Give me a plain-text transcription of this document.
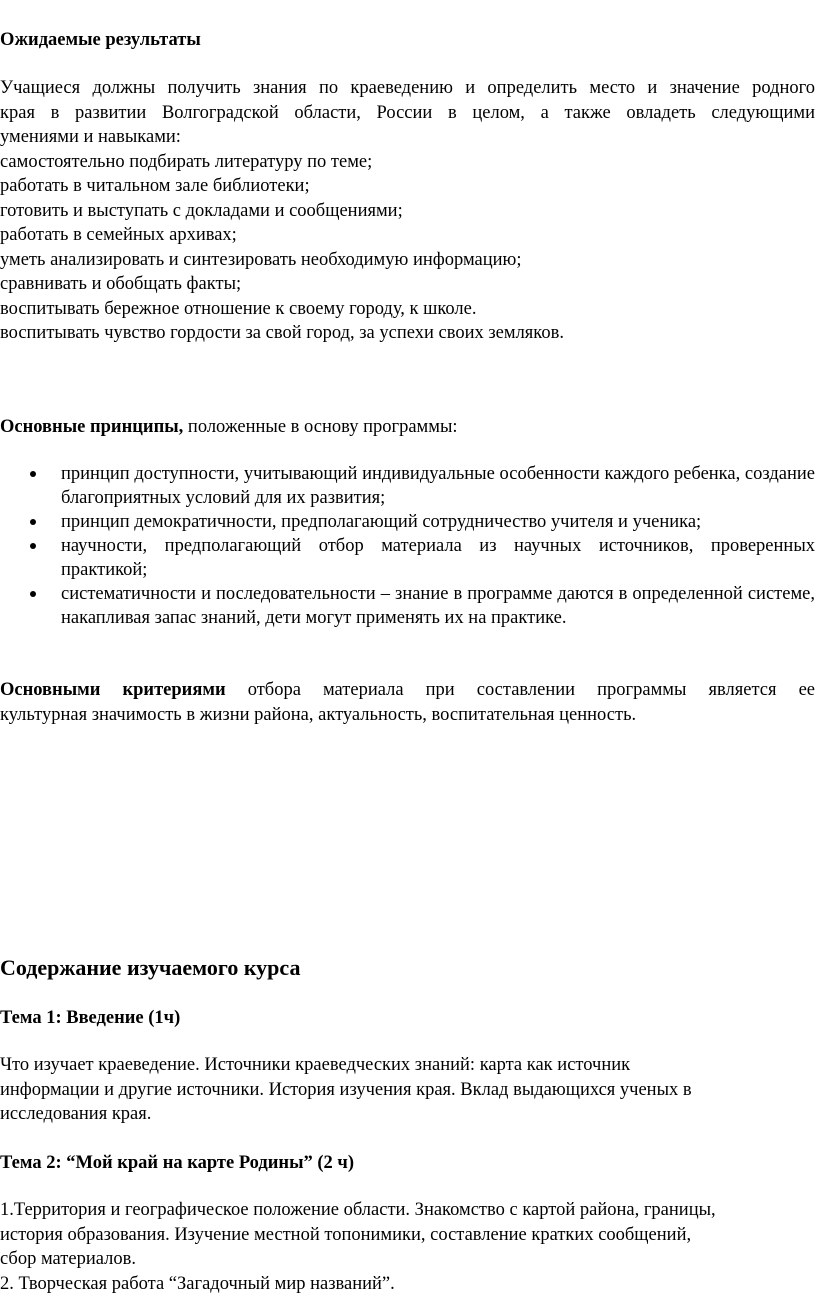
Ожидаемые результаты
Учащиеся должны получить знания по краеведению и определить место и значение родного
края в развитии Волгоградской области, России в целом, а также овладеть следующими
умениями и навыками:
самостоятельно подбирать литературу по теме;
работать в читальном зале библиотеки;
готовить и выступать с докладами и сообщениями;
работать в семейных архивах;
уметь анализировать и синтезировать необходимую информацию;
сравнивать и обобщать факты;
воспитывать бережное отношение к своему городу, к школе.
воспитывать чувство гордости за свой город, за успехи своих земляков.
Основные принципы, положенные в основу программы:
принцип доступности, учитывающий индивидуальные особенности каждого ребенка, создание благоприятных условий для их развития;
принцип демократичности, предполагающий сотрудничество учителя и ученика;
научности, предполагающий отбор материала из научных источников, проверенных практикой;
систематичности и последовательности – знание в программе даются в определенной системе, накапливая запас знаний, дети могут применять их на практике.
Основными критериями отбора материала при составлении программы является ее
культурная значимость в жизни района, актуальность, воспитательная ценность.
Содержание изучаемого курса
Тема 1: Введение (1ч)
Что изучает краеведение. Источники краеведческих знаний: карта как источник
информации и другие источники. История изучения края. Вклад выдающихся ученых в
исследования края.
Тема 2: “Мой край на карте Родины” (2 ч)
1.Территория и географическое положение области. Знакомство с картой района, границы,
история образования. Изучение местной топонимики, составление кратких сообщений,
сбор материалов.
2. Творческая работа “Загадочный мир названий”.
